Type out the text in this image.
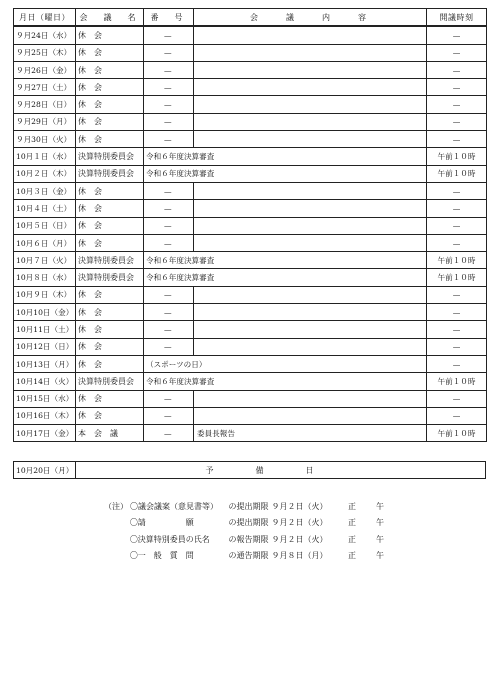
月日（曜日）	会　議　名	番　号	会　　議　　内　　容	開議時刻
９月24日（水）	休　会	—		—
９月25日（木）	休　会	—		—
９月26日（金）	休　会	—		—
９月27日（土）	休　会	—		—
９月28日（日）	休　会	—		—
９月29日（月）	休　会	—		—
９月30日（火）	休　会	—		—
10月１日（水）	決算特別委員会	令和６年度決算審査		午前１０時
10月２日（木）	決算特別委員会	令和６年度決算審査		午前１０時
10月３日（金）	休　会	—		—
10月４日（土）	休　会	—		—
10月５日（日）	休　会	—		—
10月６日（月）	休　会	—		—
10月７日（火）	決算特別委員会	令和６年度決算審査		午前１０時
10月８日（水）	決算特別委員会	令和６年度決算審査		午前１０時
10月９日（木）	休　会	—		—
10月10日（金）	休　会	—		—
10月11日（土）	休　会	—		—
10月12日（日）	休　会	—		—
10月13日（月）	休　会	（スポーツの日）		—
10月14日（火）	決算特別委員会	令和６年度決算審査		午前１０時
10月15日（水）	休　会	—		—
10月16日（木）	休　会	—		—
10月17日（金）	本　会　議	—	委員長報告	午前１０時
10月20日（月）	予備日
（注） 〇議会議案（意見書等）	の提出期限 ９月２日（火）	正午
〇請　　　　　願	の提出期限 ９月２日（火）	正午
〇決算特別委員の氏名	の報告期限 ９月２日（火）	正午
〇一　般　質　問	の通告期限 ９月８日（月）	正午
